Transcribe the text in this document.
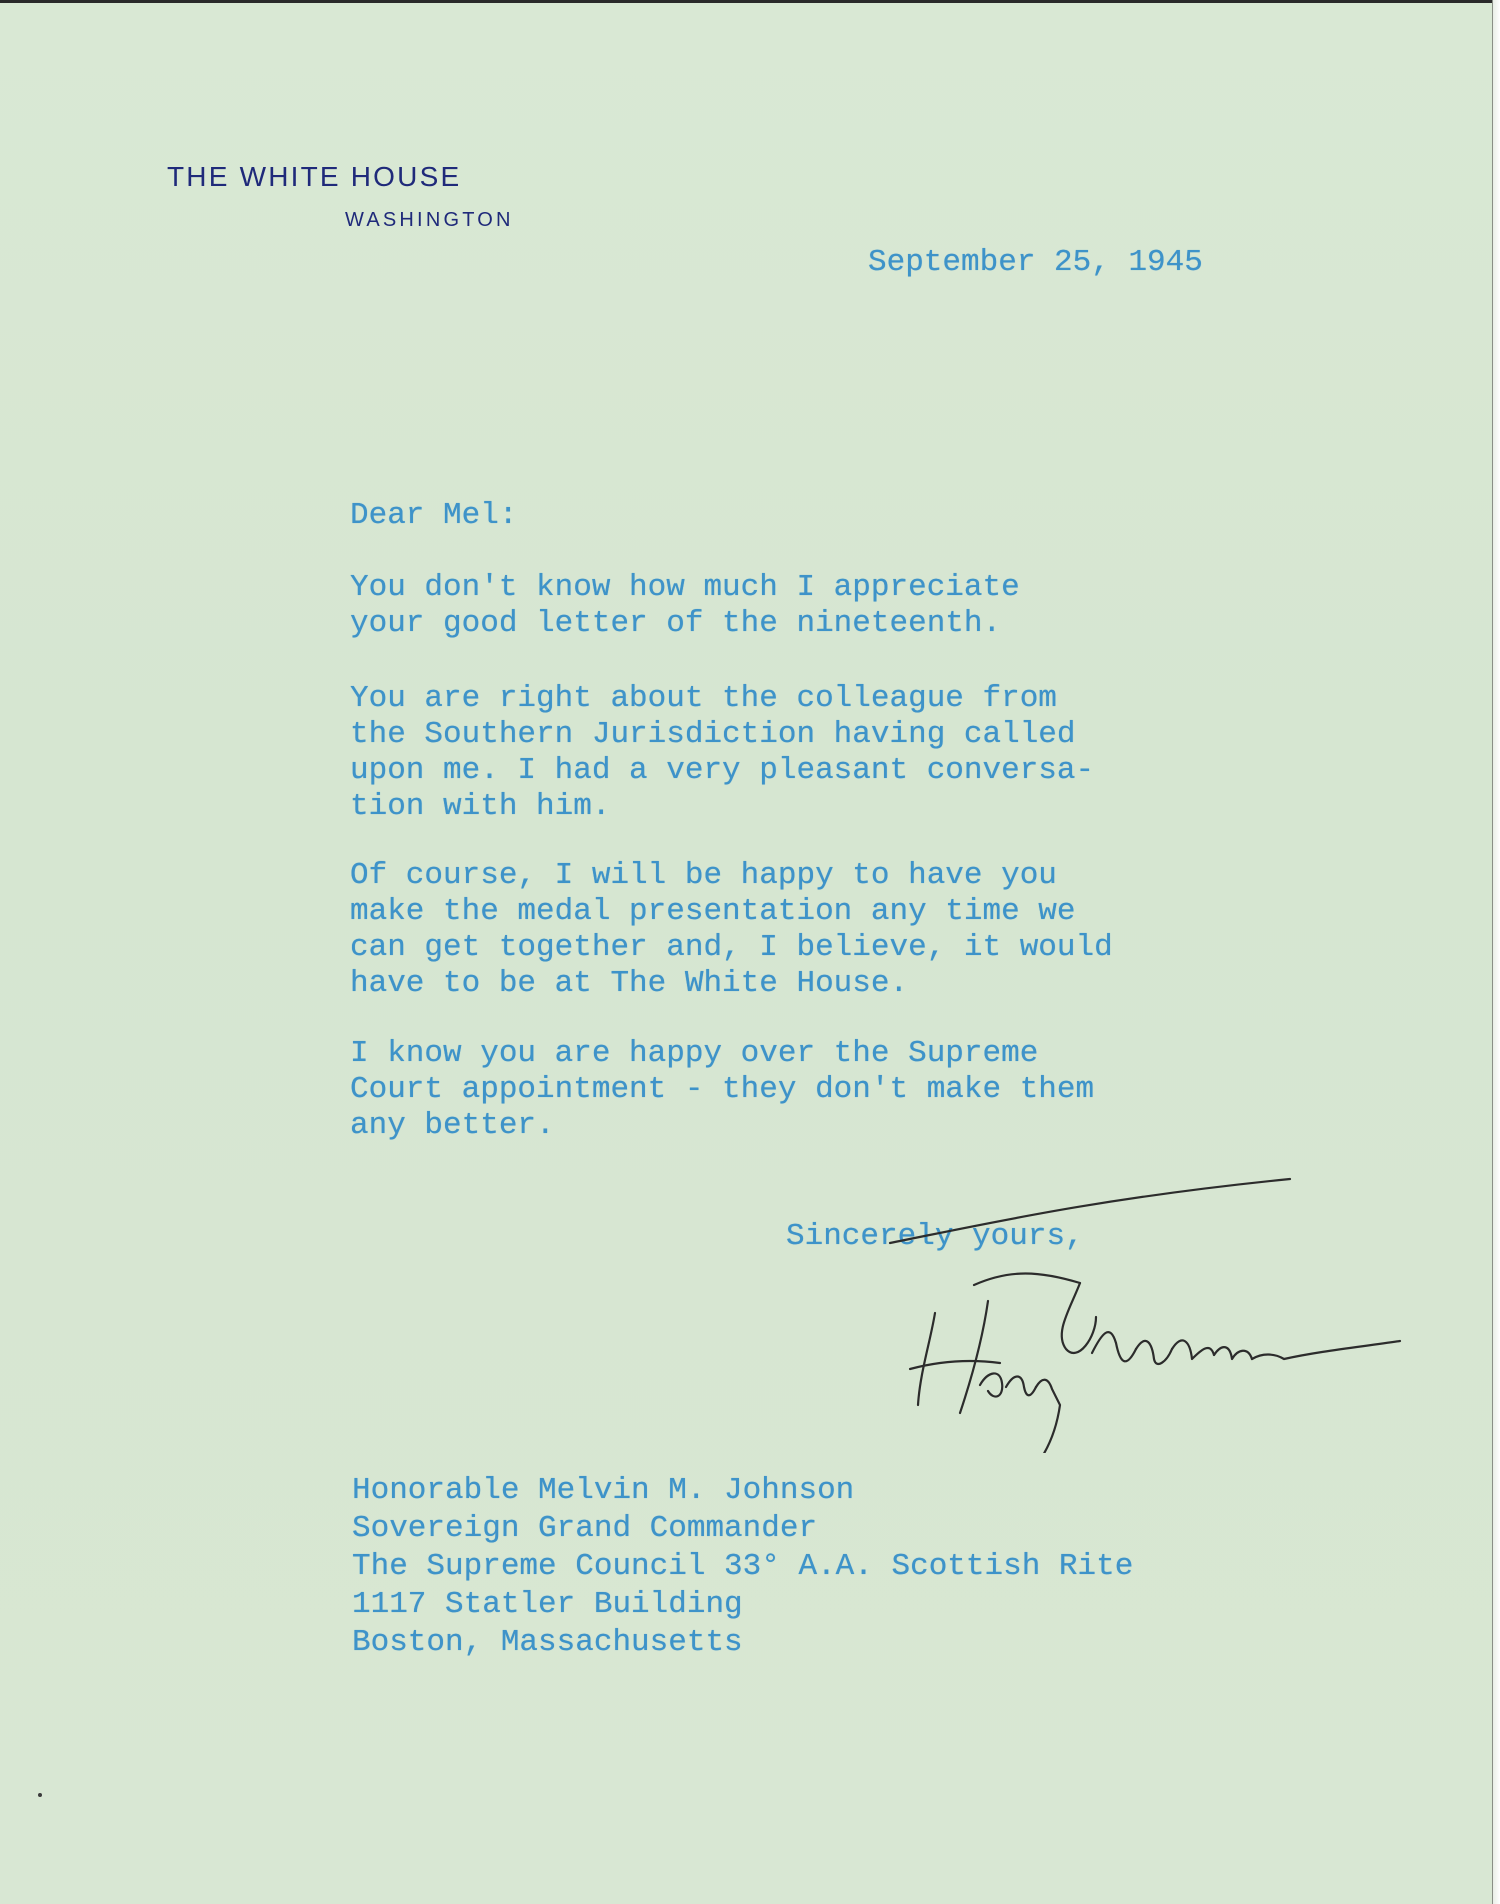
THE WHITE HOUSE
WASHINGTON
September 25, 1945
Dear Mel:
You don't know how much I appreciate
your good letter of the nineteenth.
You are right about the colleague from
the Southern Jurisdiction having called
upon me. I had a very pleasant conversa-
tion with him.
Of course, I will be happy to have you
make the medal presentation any time we
can get together and, I believe, it would
have to be at The White House.
I know you are happy over the Supreme
Court appointment - they don't make them
any better.
Sincerely yours,
Honorable Melvin M. Johnson
Sovereign Grand Commander
The Supreme Council 33° A.A. Scottish Rite
1117 Statler Building
Boston, Massachusetts
